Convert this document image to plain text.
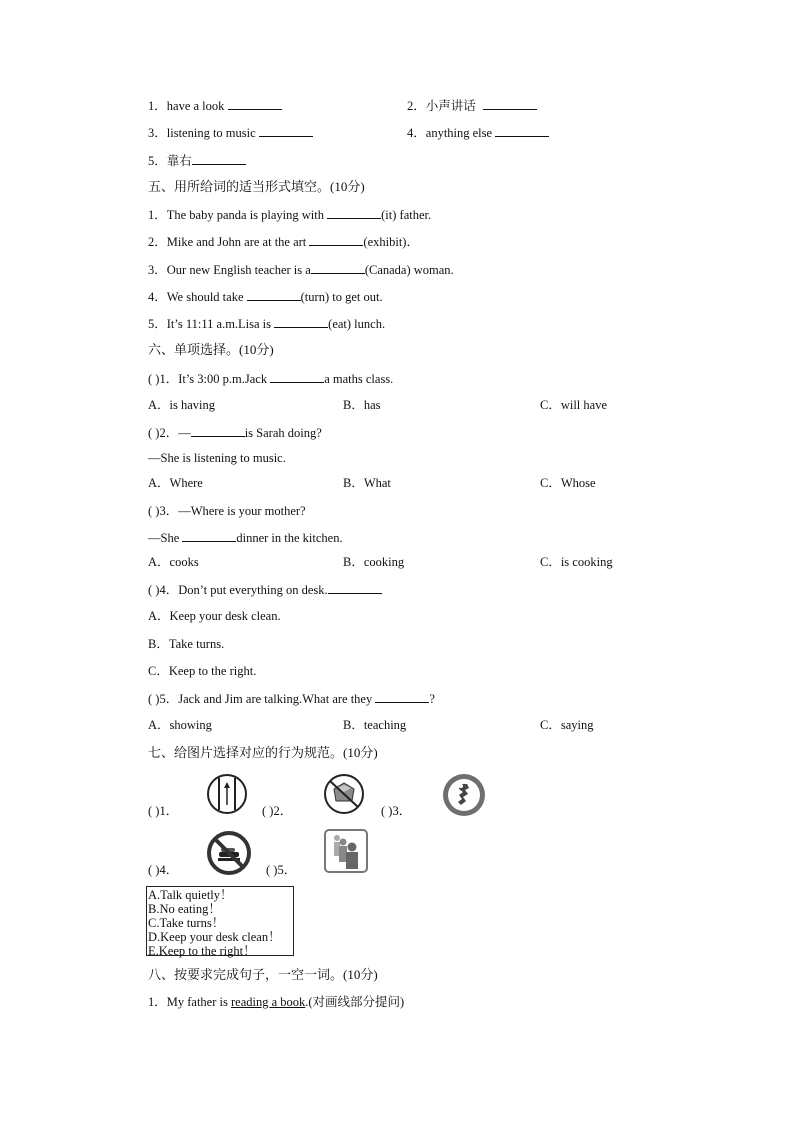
1．have a look	2．小声讲话
3．listening to music	4．anything else
5．靠右
五、用所给词的适当形式填空。(10分)
1．The baby panda is playing with	(it) father.
2．Mike and John are at the art	(exhibit)．
3．Our new English teacher is a	(Canada) woman.
4．We should take	(turn) to get out.
5．It’s 11:11 a.m.Lisa is	(eat) lunch.
六、单项选择。(10分)
( )1．It’s 3:00 p.m.Jack	a maths class.
A．is having	B．has	C．will have
( )2．—	is Sarah doing?
—She is listening to music.
A．Where	B．What	C．Whose
( )3．—Where is your mother?
—She	dinner in the kitchen.
A．cooks	B．cooking	C．is cooking
( )4．Don’t put everything on desk.
A．Keep your desk clean.
B．Take turns.
C．Keep to the right.
( )5．Jack and Jim are talking.What are they	?
A．showing	B．teaching	C．saying
七、给图片选择对应的行为规范。(10分)
( )1．	( )2．	( )3．
( )4．	( )5．
A.Talk quietly！
B.No eating！
C.Take turns！
D.Keep your desk clean！
E.Keep to the right！
八、按要求完成句子，一空一词。(10分)
1．My father is reading a book.(对画线部分提问)
